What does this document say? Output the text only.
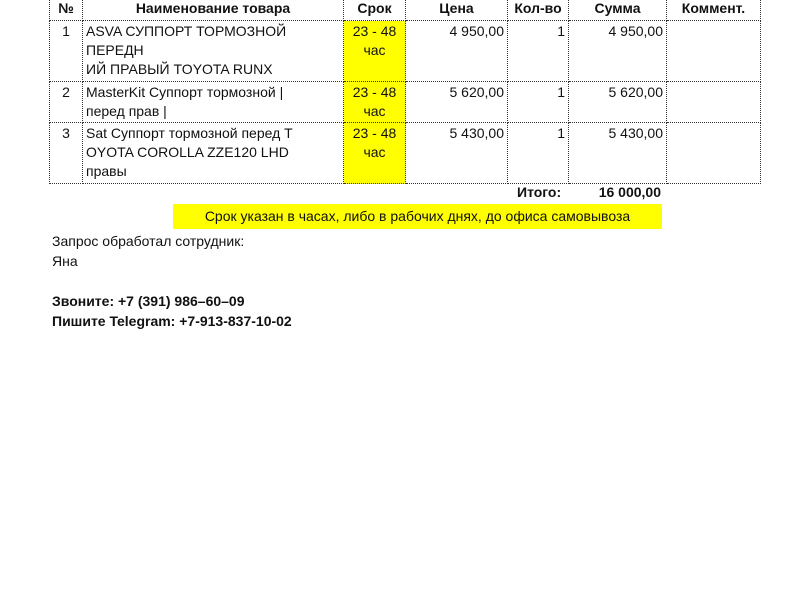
№	Наименование товара	Срок	Цена	Кол-во	Сумма	Коммент.
1	ASVA СУППОРТ ТОРМОЗНОЙ
ПЕРЕДН
ИЙ ПРАВЫЙ TOYOTA RUNX	23 - 48
час	4 950,00	1	4 950,00	
2	MasterKit Суппорт тормозной |
перед прав |	23 - 48
час	5 620,00	1	5 620,00	
3	Sat Суппорт тормозной перед T
OYOTA COROLLA ZZE120 LHD
правы	23 - 48
час	5 430,00	1	5 430,00	
Итого:	16 000,00
Срок указан в часах, либо в рабочих днях, до офиса самовывоза
Запрос обработал сотрудник:
Яна
Звоните: +7 (391) 986–60–09
Пишите Telegram: +7-913-837-10-02
